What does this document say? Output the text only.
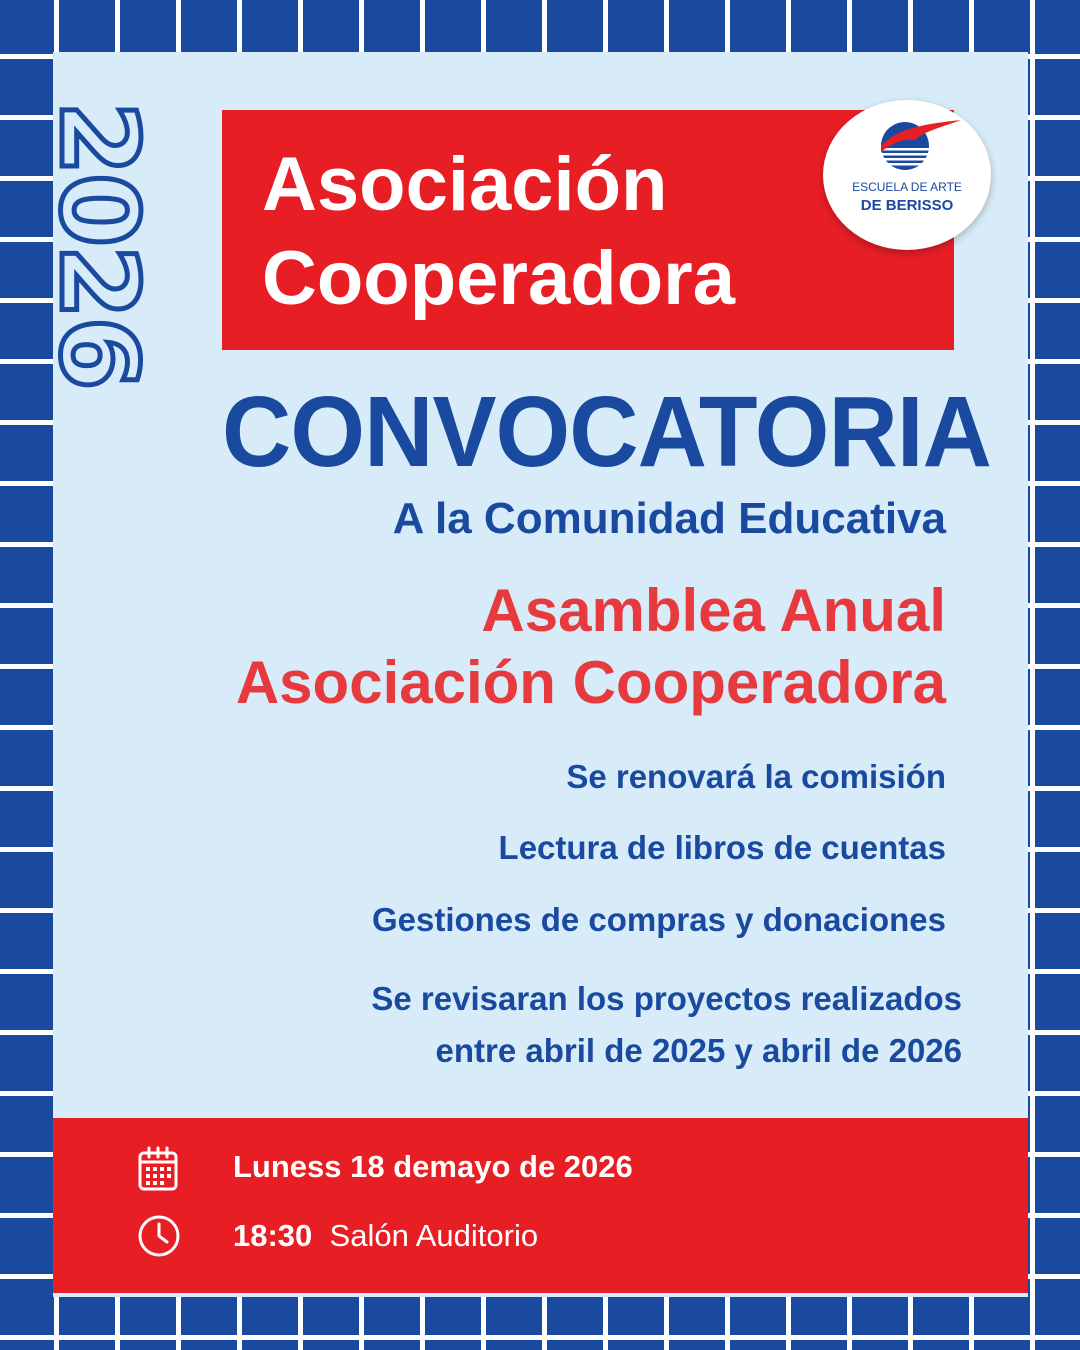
2026 Asociación
Cooperadora
ESCUELA DE ARTE
DE BERISSO
CONVOCATORIA
A la Comunidad Educativa
Asamblea Anual
Asociación Cooperadora
Se renovará la comisión
Lectura de libros de cuentas
Gestiones de compras y donaciones
Se revisaran los proyectos realizados
entre abril de 2025 y abril de 2026
Luness 18 demayo de 2026
18:30 Salón Auditorio
